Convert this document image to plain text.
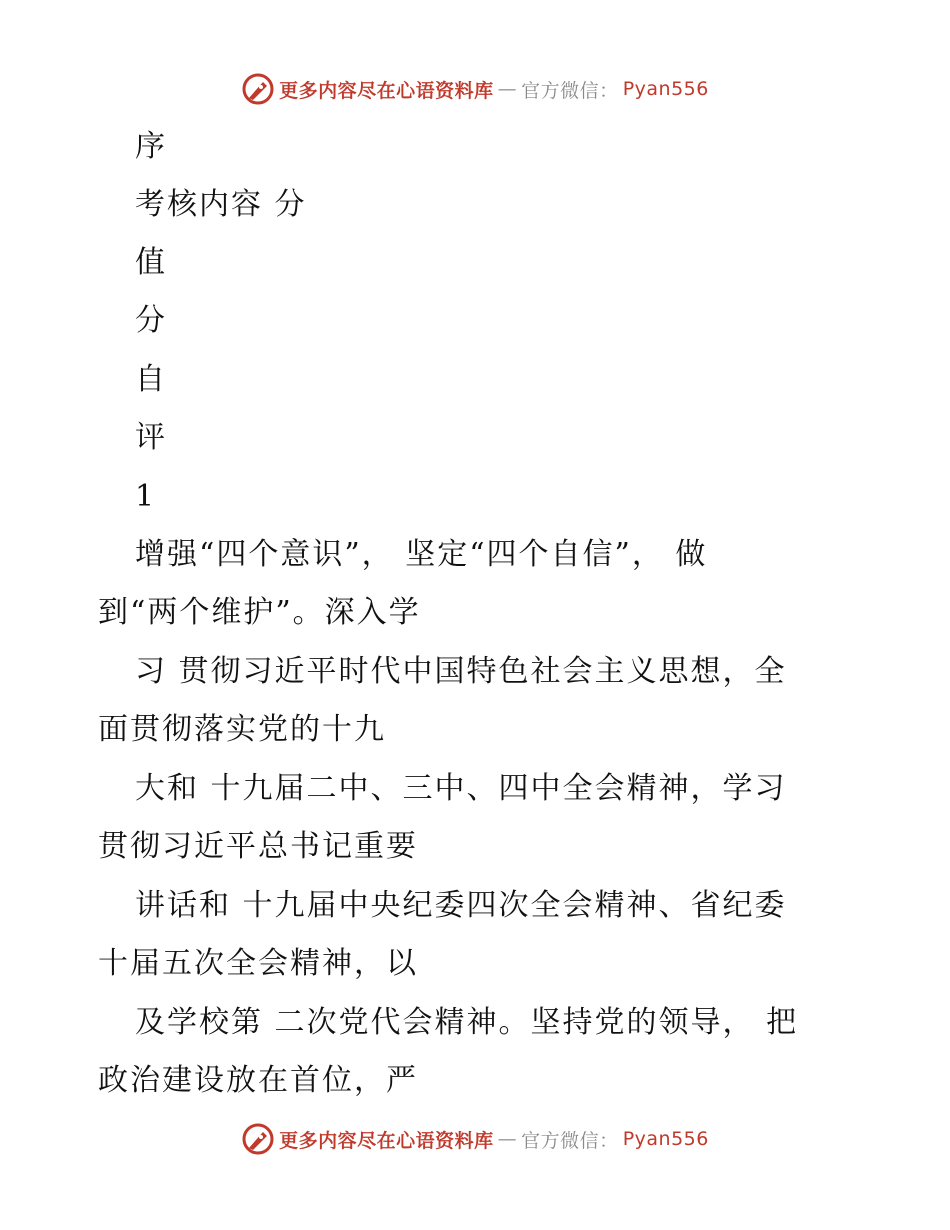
更多内容尽在心语资料库 — 官方微信： Pyan556
序
考核内容 分
值
分
自
评
1
增强“四个意识”， 坚定“四个自信”， 做
到“两个维护”。深入学
习 贯彻习近平时代中国特色社会主义思想，全
面贯彻落实党的十九
大和 十九届二中、三中、四中全会精神，学习
贯彻习近平总书记重要
讲话和 十九届中央纪委四次全会精神、省纪委
十届五次全会精神，以
及学校第 二次党代会精神。坚持党的领导， 把
政治建设放在首位，严
更多内容尽在心语资料库 — 官方微信： Pyan556
